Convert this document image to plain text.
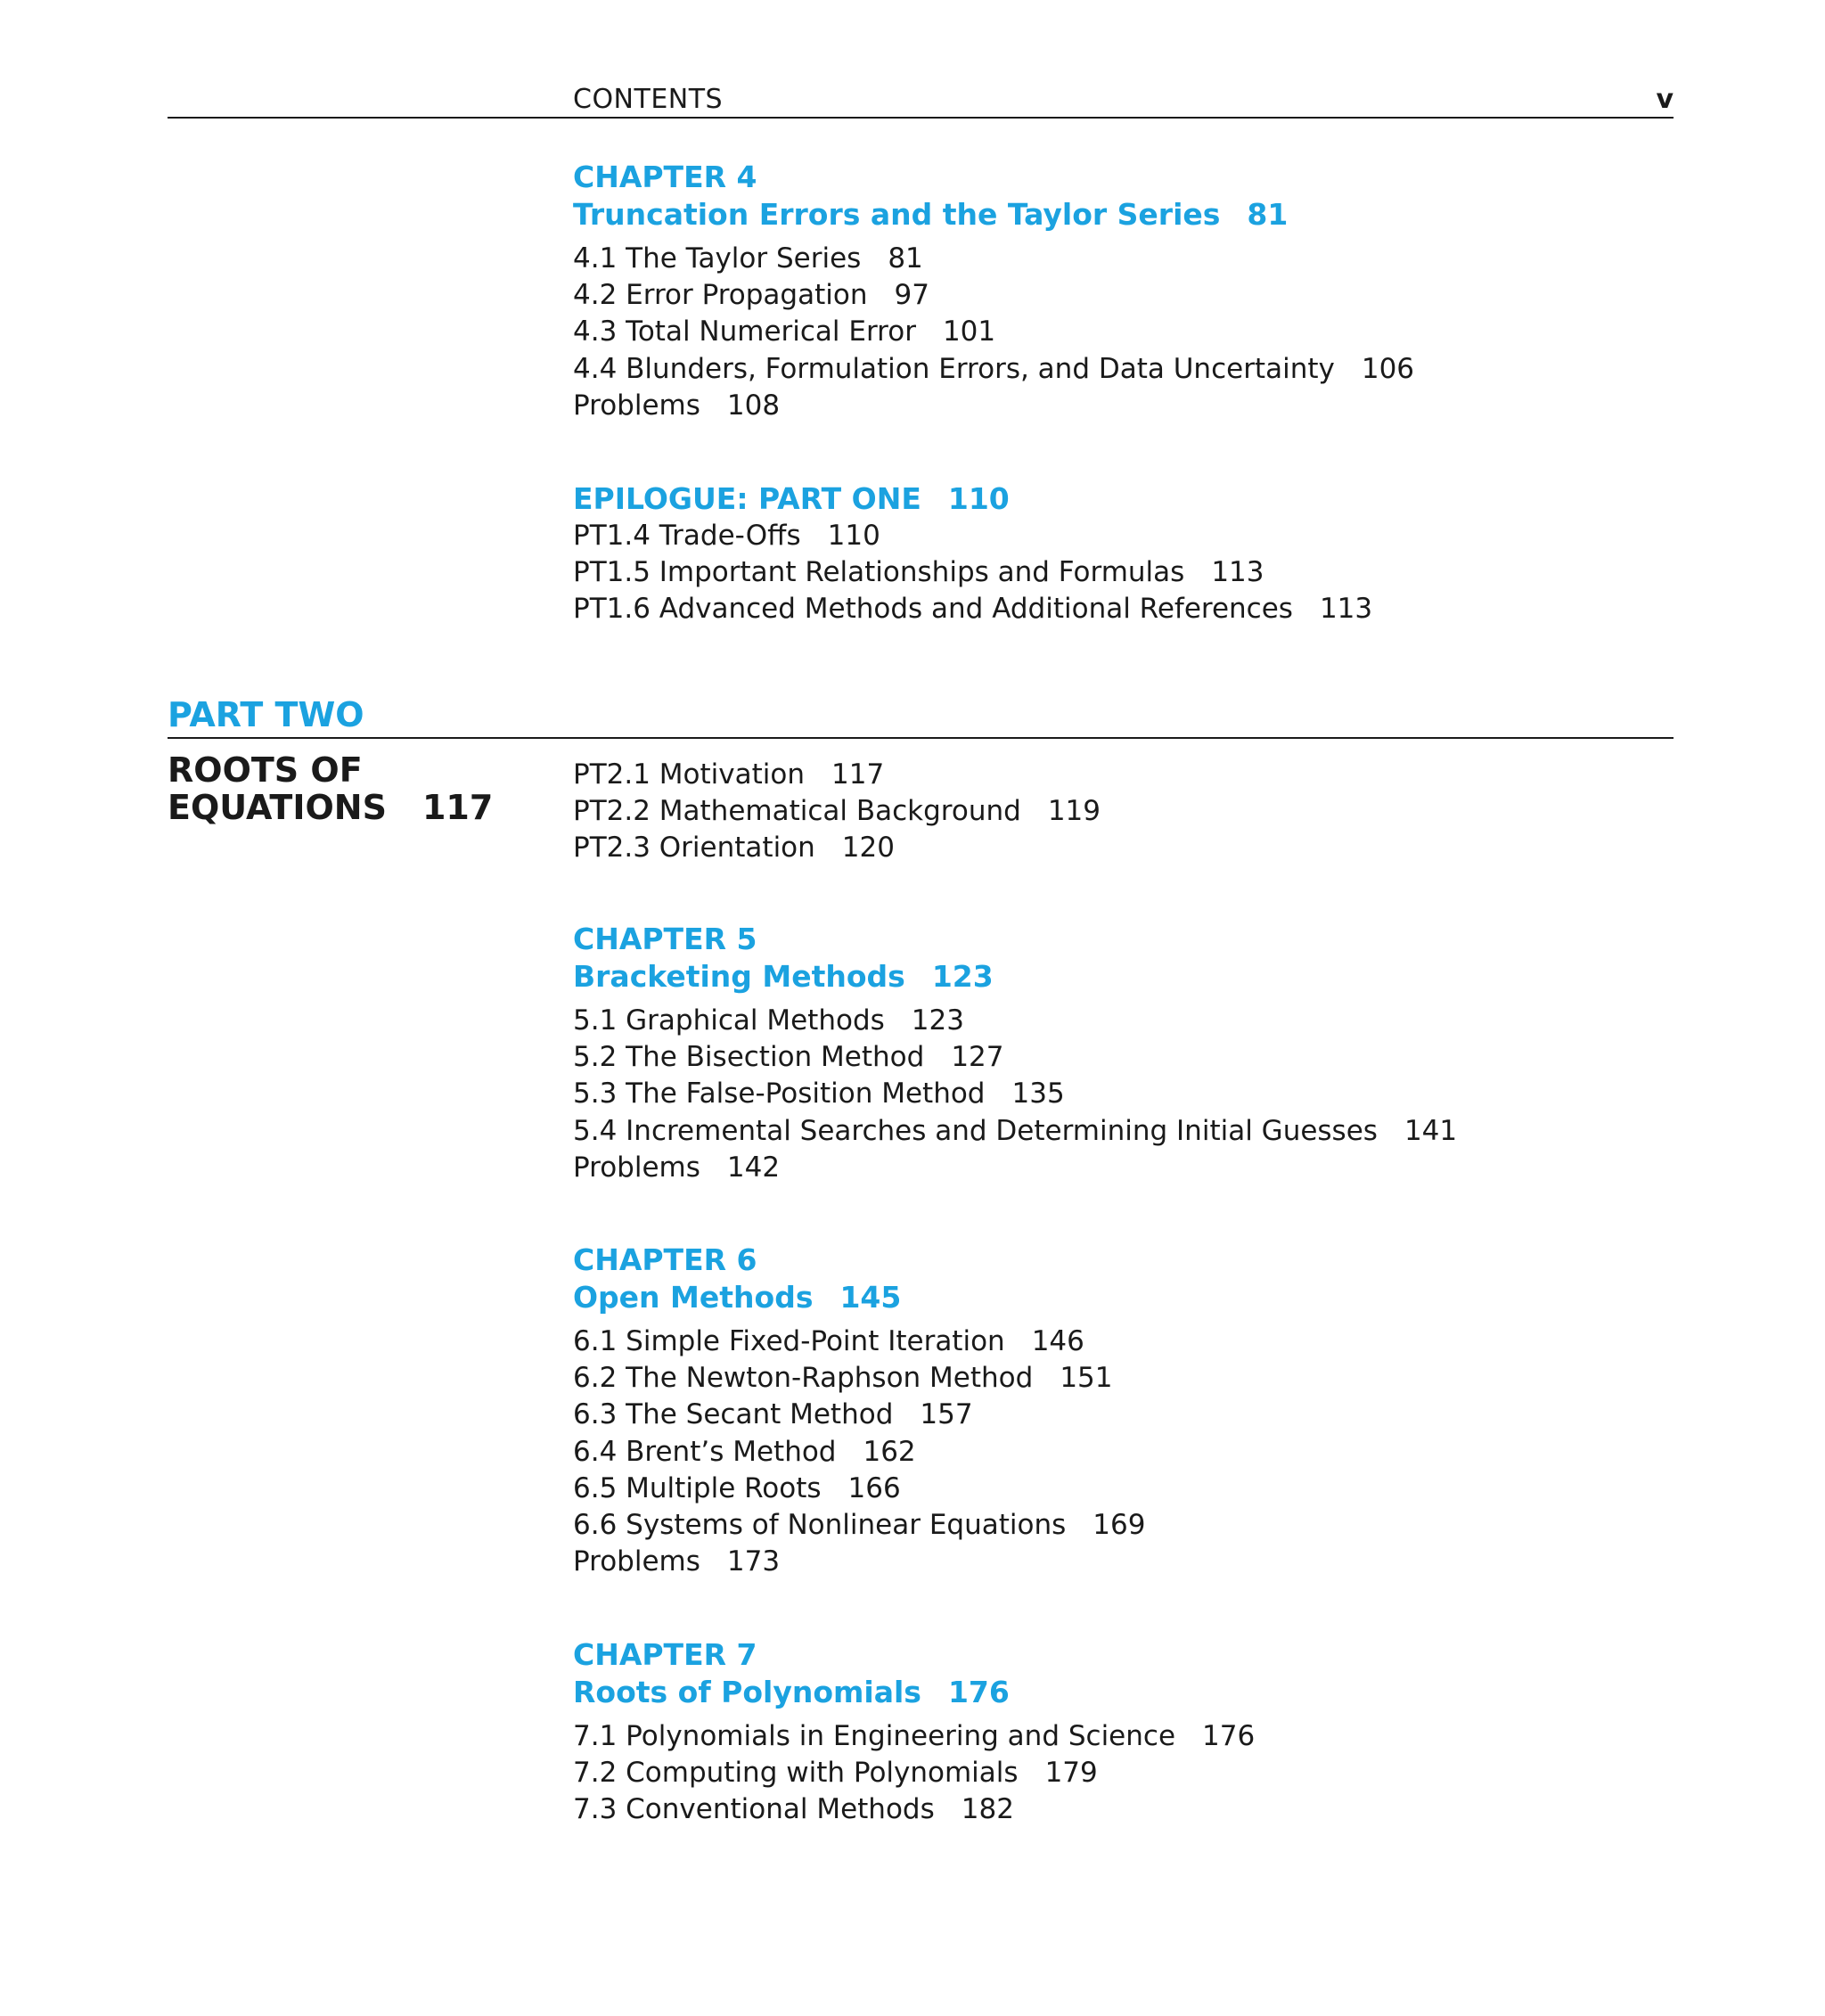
CONTENTS	v
CHAPTER 4
Truncation Errors and the Taylor Series 81
4.1 The Taylor Series 81
4.2 Error Propagation 97
4.3 Total Numerical Error 101
4.4 Blunders, Formulation Errors, and Data Uncertainty 106
Problems 108
EPILOGUE: PART ONE 110
PT1.4 Trade-Offs 110
PT1.5 Important Relationships and Formulas 113
PT1.6 Advanced Methods and Additional References 113
PART TWO
ROOTS OF
EQUATIONS 117
PT2.1 Motivation 117
PT2.2 Mathematical Background 119
PT2.3 Orientation 120
CHAPTER 5
Bracketing Methods 123
5.1 Graphical Methods 123
5.2 The Bisection Method 127
5.3 The False-Position Method 135
5.4 Incremental Searches and Determining Initial Guesses 141
Problems 142
CHAPTER 6
Open Methods 145
6.1 Simple Fixed-Point Iteration 146
6.2 The Newton-Raphson Method 151
6.3 The Secant Method 157
6.4 Brent’s Method 162
6.5 Multiple Roots 166
6.6 Systems of Nonlinear Equations 169
Problems 173
CHAPTER 7
Roots of Polynomials 176
7.1 Polynomials in Engineering and Science 176
7.2 Computing with Polynomials 179
7.3 Conventional Methods 182
